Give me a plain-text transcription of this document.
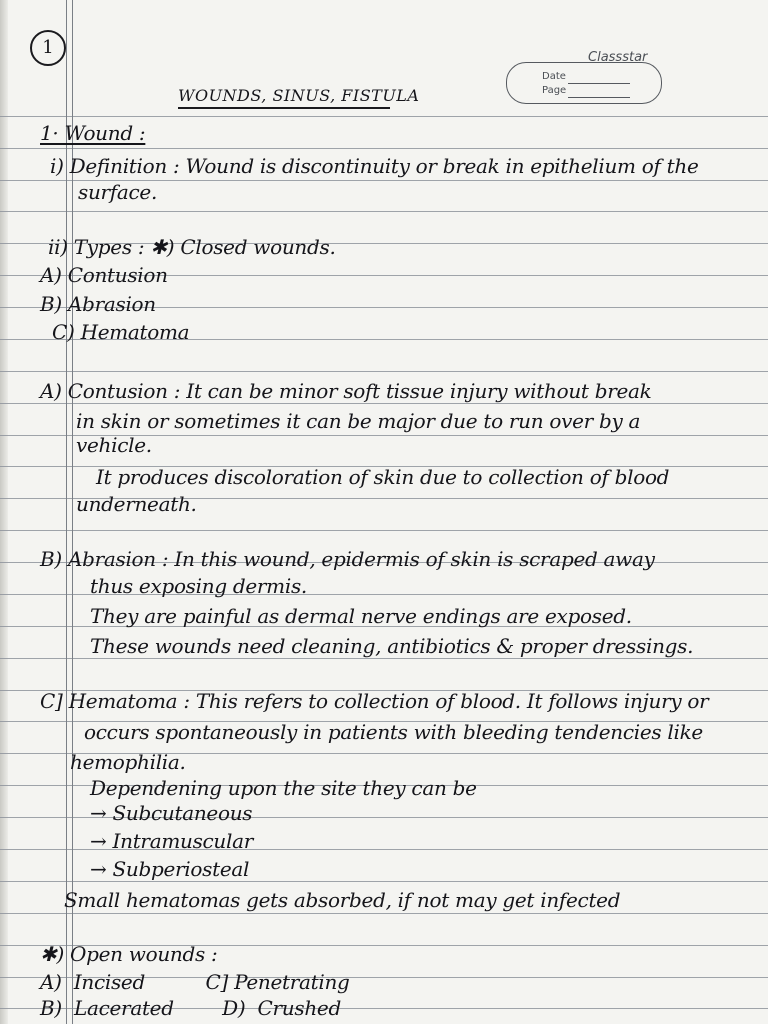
1	Classstar
Date
Page
WOUNDS, SINUS, FISTULA
1· Wound :
i) Definition : Wound is discontinuity or break in epithelium of the
surface.
ii) Types : ✱) Closed wounds.
A) Contusion
B) Abrasion
C) Hematoma
A) Contusion : It can be minor soft tissue injury without break
in skin or sometimes it can be major due to run over by a
vehicle.
It produces discoloration of skin due to collection of blood
underneath.
B) Abrasion : In this wound, epidermis of skin is scraped away
thus exposing dermis.
They are painful as dermal nerve endings are exposed.
These wounds need cleaning, antibiotics & proper dressings.
C] Hematoma : This refers to collection of blood. It follows injury or
occurs spontaneously in patients with bleeding tendencies like
hemophilia.
Dependening upon the site they can be
→ Subcutaneous
→ Intramuscular
→ Subperiosteal
Small hematomas gets absorbed, if not may get infected
✱) Open wounds :
A)  Incised          C] Penetrating
B)  Lacerated        D)  Crushed
